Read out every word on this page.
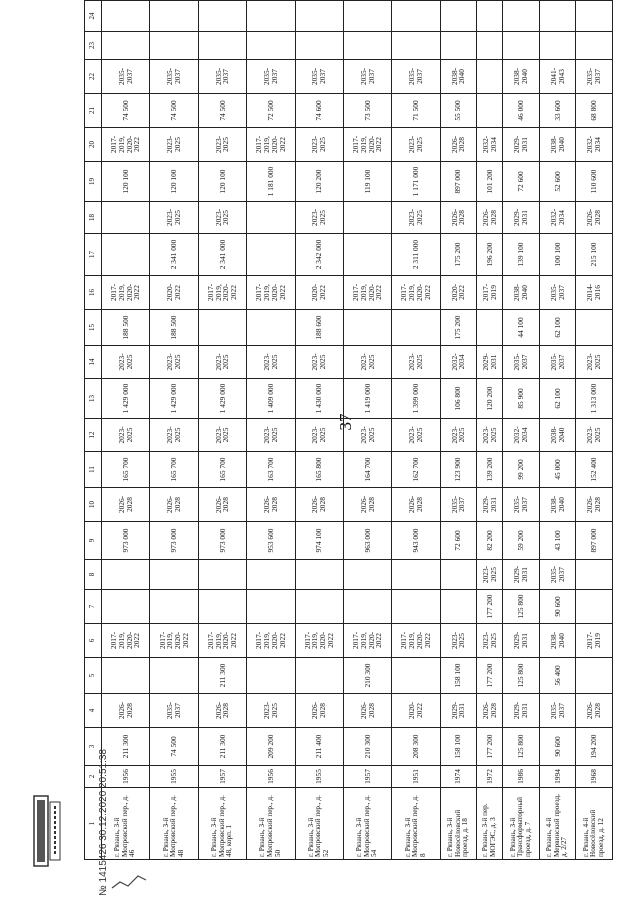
37
1	2	3	4	5	6	7	8	9	10	11	12	13	14	15	16	17	18	19	20	21	22	23	24
г. Рязань, 3-й Мопровский пер., д. 46	1956	211 300	2026-2028		2017-2019, 2020-2022			973 000	2026-2028	165 700	2023-2025	1 429 000	2023-2025	188 500	2017-2019, 2020-2022			120 100	2017-2019, 2020-2022	74 500	2035-2037		
г. Рязань, 3-й Мопровский пер., д. 48	1955	74 500	2035-2037		2017-2019, 2020-2022			973 000	2026-2028	165 700	2023-2025	1 429 000	2023-2025	188 500	2020-2022	2 341 000	2023-2025	120 100	2023-2025	74 500	2035-2037		
г. Рязань, 3-й Мопровский пер., д. 48, корп. 1	1957	211 300	2026-2028	211 300	2017-2019, 2020-2022			973 000	2026-2028	165 700	2023-2025	1 429 000	2023-2025		2017-2019, 2020-2022	2 341 000	2023-2025	120 100	2023-2025	74 500	2035-2037		
г. Рязань, 3-й Мопровский пер., д. 50	1956	209 200	2023-2025		2017-2019, 2020-2022			953 600	2026-2028	163 700	2023-2025	1 409 000	2023-2025		2017-2019, 2020-2022			1 181 000	2017-2019, 2020-2022	72 500	2035-2037		
г. Рязань, 3-й Мопровский пер., д. 52	1955	211 400	2026-2028		2017-2019, 2020-2022			974 100	2026-2028	165 800	2023-2025	1 430 000	2023-2025	188 600	2020-2022	2 342 000	2023-2025	120 200	2023-2025	74 600	2035-2037		
г. Рязань, 3-й Мопровский пер., д. 54	1957	210 300	2026-2028	210 300	2017-2019, 2020-2022			963 000	2026-2028	164 700	2023-2025	1 419 000	2023-2025		2017-2019, 2020-2022			119 100	2017-2019, 2020-2022	73 500	2035-2037		
г. Рязань, 3-й Мопровский пер., д. 8	1951	208 300	2020-2022		2017-2019, 2020-2022			943 000	2026-2028	162 700	2023-2025	1 399 000	2023-2025		2017-2019, 2020-2022	2 311 000	2023-2025	1 171 000	2023-2025	71 500	2035-2037		
г. Рязань, 3-й Новосёловский проезд, д. 18	1974	158 100	2029-2031	158 100	2023-2025			72 600	2035-2037	123 900	2023-2025	106 800	2032-2034	175 200	2020-2022	175 200	2026-2028	897 000	2026-2028	55 500	2038-2040		
г. Рязань, 3-й пер. МОГЭС, д. 3	1972	177 200	2026-2028	177 200	2023-2025	177 200	2023-2025	82 200	2029-2031	139 200	2023-2025	120 200	2029-2031		2017-2019	196 200	2026-2028	101 200	2032-2034				
г. Рязань, 3-й Трансформаторный проезд, д. 7	1986	125 800	2029-2031	125 800	2029-2031	125 800	2029-2031	59 200	2035-2037	99 200	2032-2034	85 900	2035-2037	44 100	2038-2040	139 100	2029-2031	72 600	2029-2031	46 000	2038-2040		
г. Рязань, 4-й Мервинский проезд, д. 2/27	1994	90 600	2035-2037	56 400	2038-2040	90 600	2035-2037	43 100	2038-2040	45 000	2038-2040	62 100	2035-2037	62 100	2035-2037	100 100	2032-2034	52 600	2038-2040	33 600	2041-2043		
г. Рязань, 4-й Новосёловский проезд, д. 12	1968	194 200	2026-2028		2017-2019			897 000	2026-2028	152 400	2023-2025	1 313 000	2023-2025		2014-2016	215 100	2026-2028	110 600	2032-2034	68 800	2035-2037		
№ 1415426 30.12.2020 20:51:38
